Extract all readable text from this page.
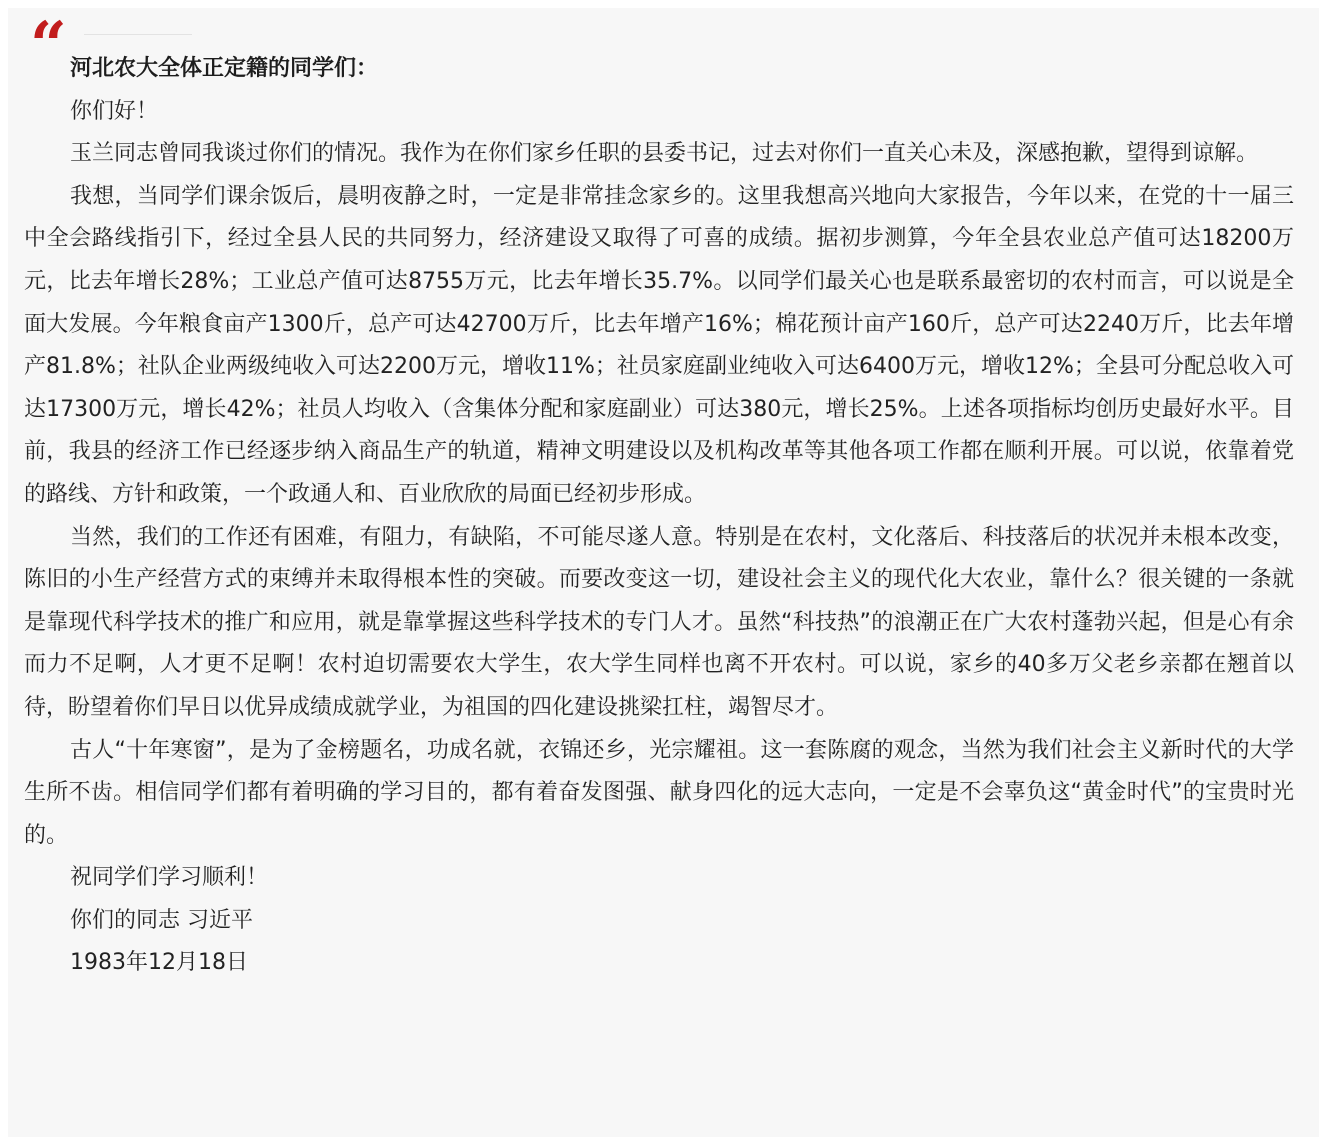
“ 河北农大全体正定籍的同学们：

你们好！

玉兰同志曾同我谈过你们的情况。我作为在你们家乡任职的县委书记，过去对你们一直关心未及，深感抱歉，望得到谅解。

我想，当同学们课余饭后，晨明夜静之时，一定是非常挂念家乡的。这里我想高兴地向大家报告，今年以来，在党的十一届三中全会路线指引下，经过全县人民的共同努力，经济建设又取得了可喜的成绩。据初步测算，今年全县农业总产值可达18200万元，比去年增长28%；工业总产值可达8755万元，比去年增长35.7%。以同学们最关心也是联系最密切的农村而言，可以说是全面大发展。今年粮食亩产1300斤，总产可达42700万斤，比去年增产16%；棉花预计亩产160斤，总产可达2240万斤，比去年增产81.8%；社队企业两级纯收入可达2200万元，增收11%；社员家庭副业纯收入可达6400万元，增收12%；全县可分配总收入可达17300万元，增长42%；社员人均收入（含集体分配和家庭副业）可达380元，增长25%。上述各项指标均创历史最好水平。目前，我县的经济工作已经逐步纳入商品生产的轨道，精神文明建设以及机构改革等其他各项工作都在顺利开展。可以说，依靠着党的路线、方针和政策，一个政通人和、百业欣欣的局面已经初步形成。

当然，我们的工作还有困难，有阻力，有缺陷，不可能尽遂人意。特别是在农村，文化落后、科技落后的状况并未根本改变，陈旧的小生产经营方式的束缚并未取得根本性的突破。而要改变这一切，建设社会主义的现代化大农业，靠什么？很关键的一条就是靠现代科学技术的推广和应用，就是靠掌握这些科学技术的专门人才。虽然“科技热”的浪潮正在广大农村蓬勃兴起，但是心有余而力不足啊，人才更不足啊！农村迫切需要农大学生，农大学生同样也离不开农村。可以说，家乡的40多万父老乡亲都在翘首以待，盼望着你们早日以优异成绩成就学业，为祖国的四化建设挑梁扛柱，竭智尽才。

古人“十年寒窗”，是为了金榜题名，功成名就，衣锦还乡，光宗耀祖。这一套陈腐的观念，当然为我们社会主义新时代的大学生所不齿。相信同学们都有着明确的学习目的，都有着奋发图强、献身四化的远大志向，一定是不会辜负这“黄金时代”的宝贵时光的。

祝同学们学习顺利！

你们的同志 习近平

1983年12月18日
